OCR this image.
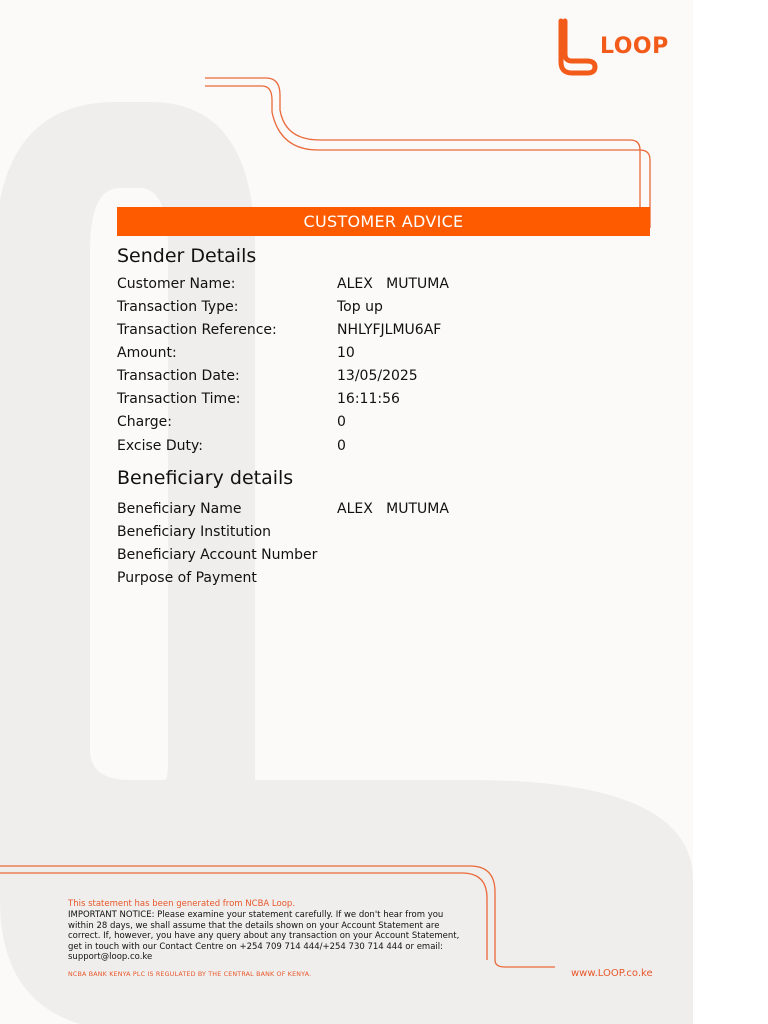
LOOP
CUSTOMER ADVICE
Sender Details
Customer Name:	ALEX   MUTUMA
Transaction Type:	Top up
Transaction Reference:	NHLYFJLMU6AF
Amount:	10
Transaction Date:	13/05/2025
Transaction Time:	16:11:56
Charge:	0
Excise Duty:	0
Beneficiary details
Beneficiary Name	ALEX   MUTUMA
Beneficiary Institution
Beneficiary Account Number
Purpose of Payment
This statement has been generated from NCBA Loop.
IMPORTANT NOTICE: Please examine your statement carefully. If we don't hear from you within 28 days, we shall assume that the details shown on your Account Statement are correct. If, however, you have any query about any transaction on your Account Statement, get in touch with our Contact Centre on +254 709 714 444/+254 730 714 444 or email: support@loop.co.ke
NCBA BANK KENYA PLC IS REGULATED BY THE CENTRAL BANK OF KENYA.	www.LOOP.co.ke
